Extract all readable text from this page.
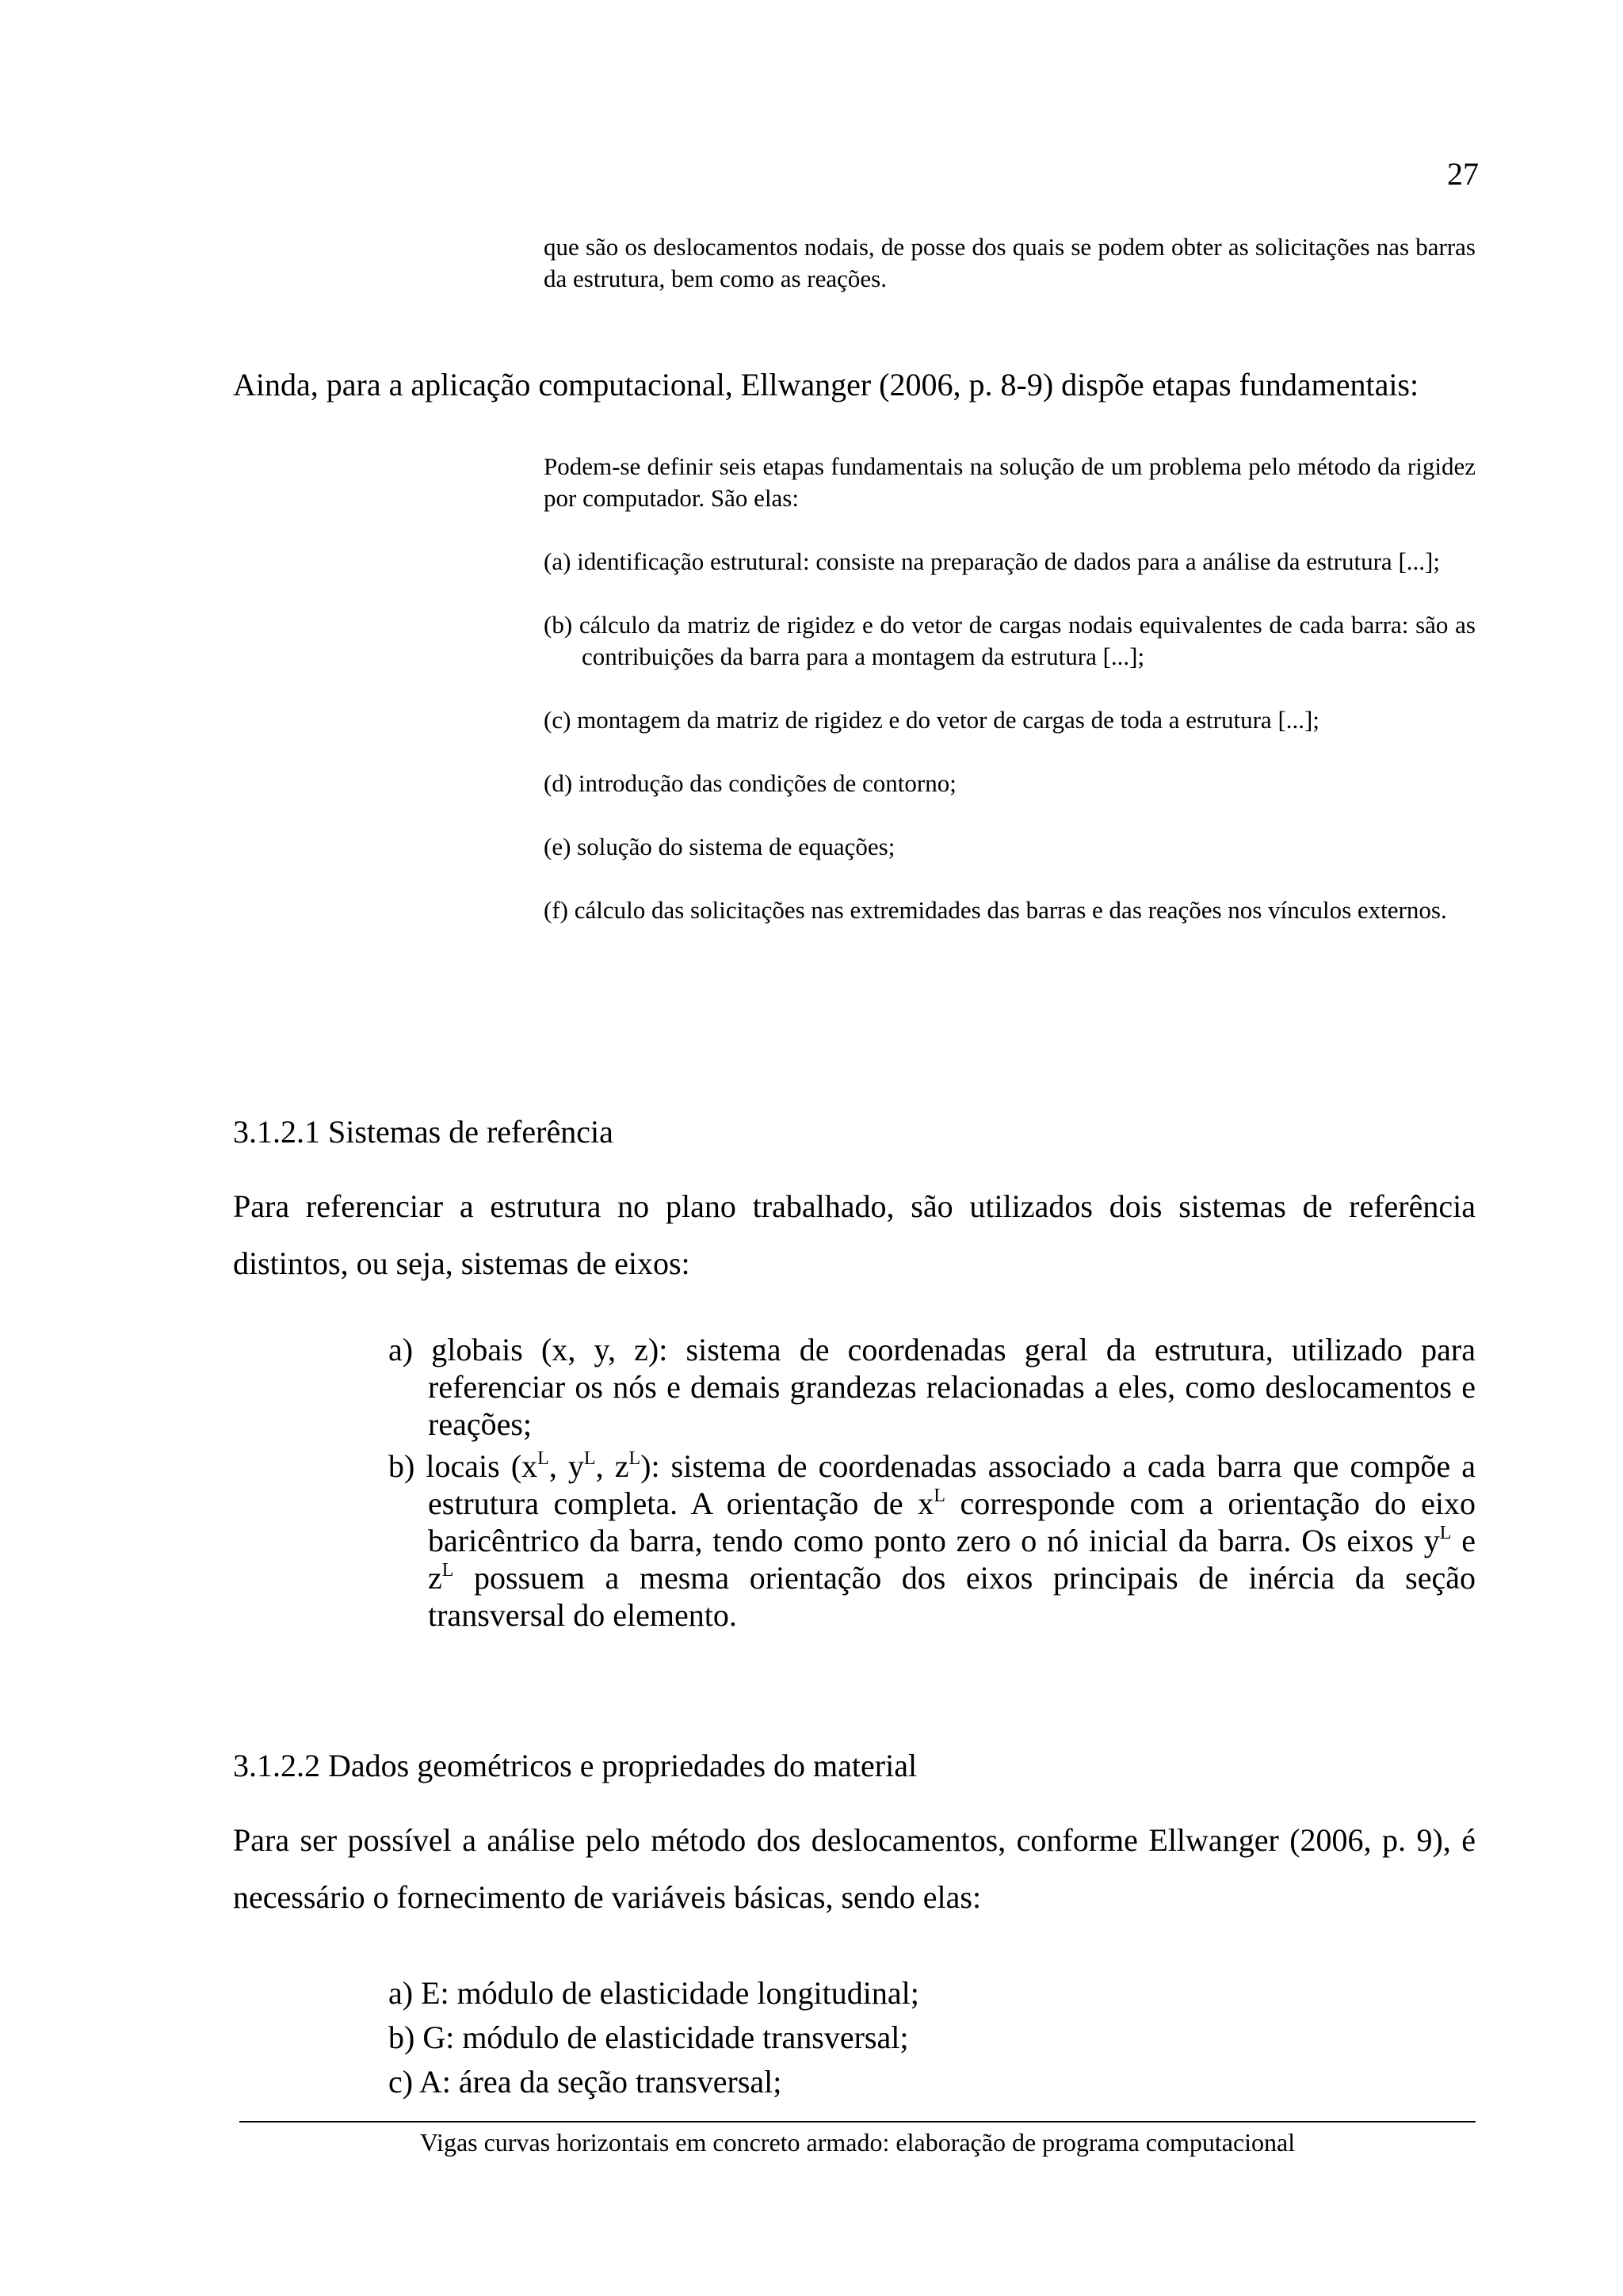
27

que são os deslocamentos nodais, de posse dos quais se podem obter as solicitações nas barras da estrutura, bem como as reações.

Ainda, para a aplicação computacional, Ellwanger (2006, p. 8-9) dispõe etapas fundamentais:

Podem-se definir seis etapas fundamentais na solução de um problema pelo método da rigidez por computador. São elas:

(a) identificação estrutural: consiste na preparação de dados para a análise da estrutura [...];

(b) cálculo da matriz de rigidez e do vetor de cargas nodais equivalentes de cada barra: são as contribuições da barra para a montagem da estrutura [...];

(c) montagem da matriz de rigidez e do vetor de cargas de toda a estrutura [...];

(d) introdução das condições de contorno;

(e) solução do sistema de equações;

(f) cálculo das solicitações nas extremidades das barras e das reações nos vínculos externos.

3.1.2.1 Sistemas de referência
Para referenciar a estrutura no plano trabalhado, são utilizados dois sistemas de referência distintos, ou seja, sistemas de eixos:

a) globais (x, y, z): sistema de coordenadas geral da estrutura, utilizado para referenciar os nós e demais grandezas relacionadas a eles, como deslocamentos e reações;

b) locais ($x^L$, $y^L$, $z^L$): sistema de coordenadas associado a cada barra que compõe a estrutura completa. A orientação de $x^L$ corresponde com a orientação do eixo baricêntrico da barra, tendo como ponto zero o nó inicial da barra. Os eixos $y^L$ e $z^L$ possuem a mesma orientação dos eixos principais de inércia da seção transversal do elemento.

3.1.2.2 Dados geométricos e propriedades do material
Para ser possível a análise pelo método dos deslocamentos, conforme Ellwanger (2006, p. 9), é necessário o fornecimento de variáveis básicas, sendo elas:
a) E: módulo de elasticidade longitudinal;
b) G: módulo de elasticidade transversal;
c) A: área da seção transversal;
Vigas curvas horizontais em concreto armado: elaboração de programa computacional
